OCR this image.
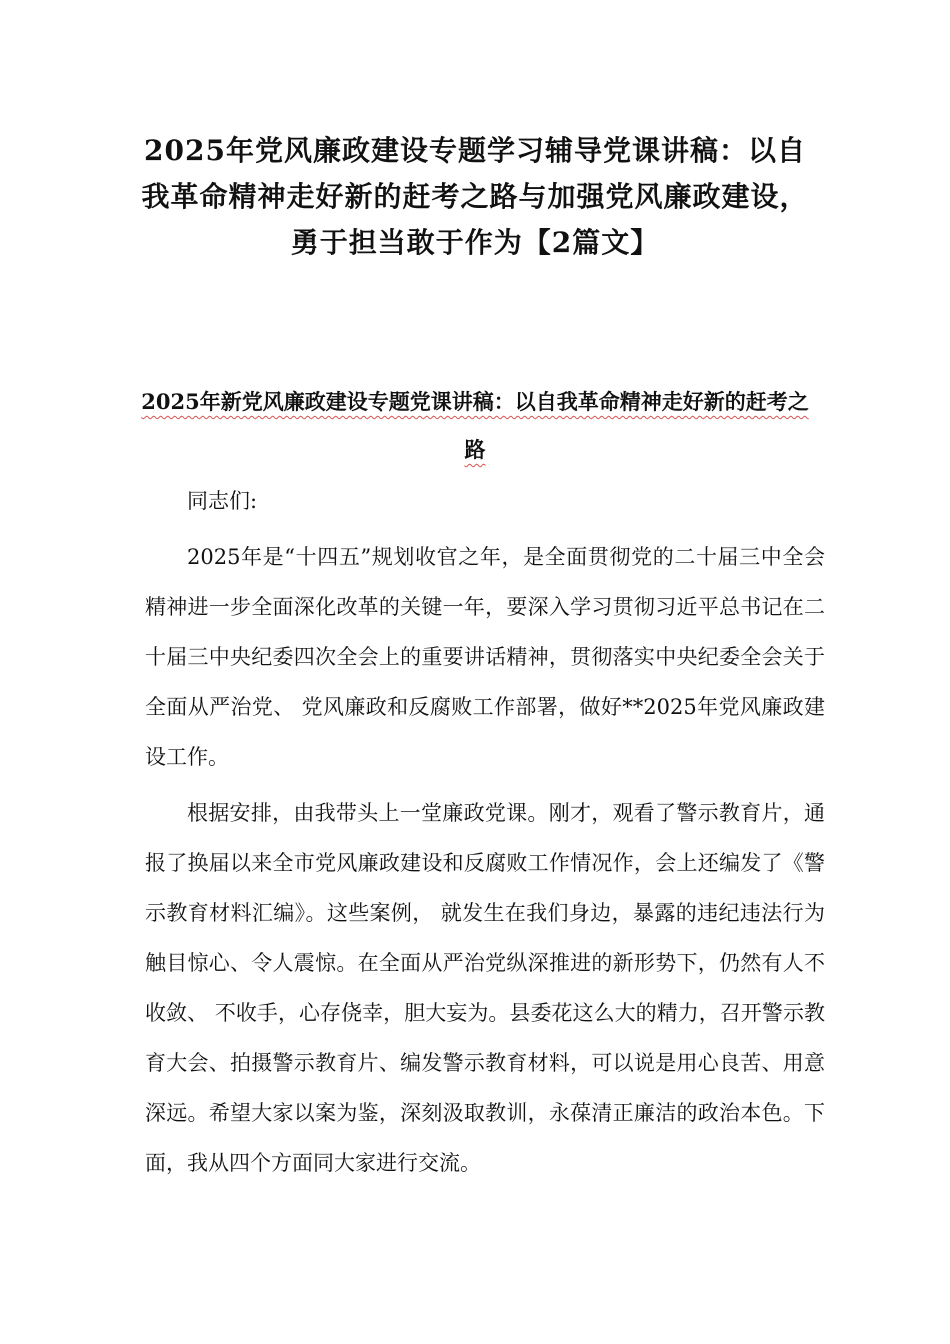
2025年党风廉政建设专题学习辅导党课讲稿：以自我革命精神走好新的赶考之路与加强党风廉政建设，勇于担当敢于作为【2篇文】
2025年新党风廉政建设专题党课讲稿：以自我革命精神走好新的赶考之路

同志们:

2025年是“十四五”规划收官之年，是全面贯彻党的二十届三中全会精神进一步全面深化改革的关键一年，要深入学习贯彻习近平总书记在二十届三中央纪委四次全会上的重要讲话精神，贯彻落实中央纪委全会关于全面从严治党、 党风廉政和反腐败工作部署，做好**2025年党风廉政建设工作。

根据安排，由我带头上一堂廉政党课。刚才，观看了警示教育片，通报了换届以来全市党风廉政建设和反腐败工作情况作，会上还编发了《警示教育材料汇编》。这些案例， 就发生在我们身边，暴露的违纪违法行为触目惊心、令人震惊。在全面从严治党纵深推进的新形势下，仍然有人不收敛、 不收手，心存侥幸，胆大妄为。县委花这么大的精力，召开警示教育大会、拍摄警示教育片、编发警示教育材料，可以说是用心良苦、用意深远。希望大家以案为鉴，深刻汲取教训，永葆清正廉洁的政治本色。下面，我从四个方面同大家进行交流。
